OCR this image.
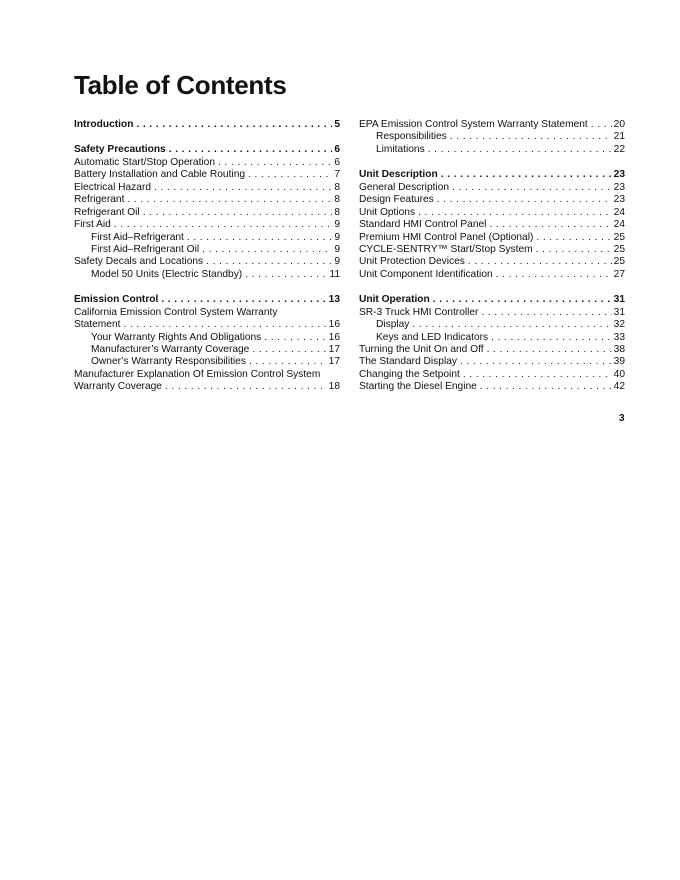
Table of Contents
Introduction . . .	5
Safety Precautions . . .	6
Automatic Start/Stop Operation . . .	6
Battery Installation and Cable Routing . . .	7
Electrical Hazard . . .	8
Refrigerant . . .	8
Refrigerant Oil . . .	8
First Aid . . .	9
First Aid–Refrigerant . . .	9
First Aid–Refrigerant Oil . . .	9
Safety Decals and Locations . . .	9
Model 50 Units (Electric Standby) . . .	11
Emission Control . . .	13
California Emission Control System Warranty
Statement . . .	16
Your Warranty Rights And Obligations . . .	16
Manufacturer’s Warranty Coverage . . .	17
Owner’s Warranty Responsibilities . . .	17
Manufacturer Explanation Of Emission Control System
Warranty Coverage . . .	18
EPA Emission Control System Warranty Statement . . .	20
Responsibilities . . .	21
Limitations . . .	22
Unit Description . . .	23
General Description . . .	23
Design Features . . .	23
Unit Options . . .	24
Standard HMI Control Panel . . .	24
Premium HMI Control Panel (Optional) . . .	25
CYCLE-SENTRY™ Start/Stop System . . .	25
Unit Protection Devices . . .	25
Unit Component Identification . . .	27
Unit Operation . . .	31
SR-3 Truck HMI Controller . . .	31
Display . . .	32
Keys and LED Indicators . . .	33
Turning the Unit On and Off . . .	38
The Standard Display . . .	39
Changing the Setpoint . . .	40
Starting the Diesel Engine . . .	42
3
